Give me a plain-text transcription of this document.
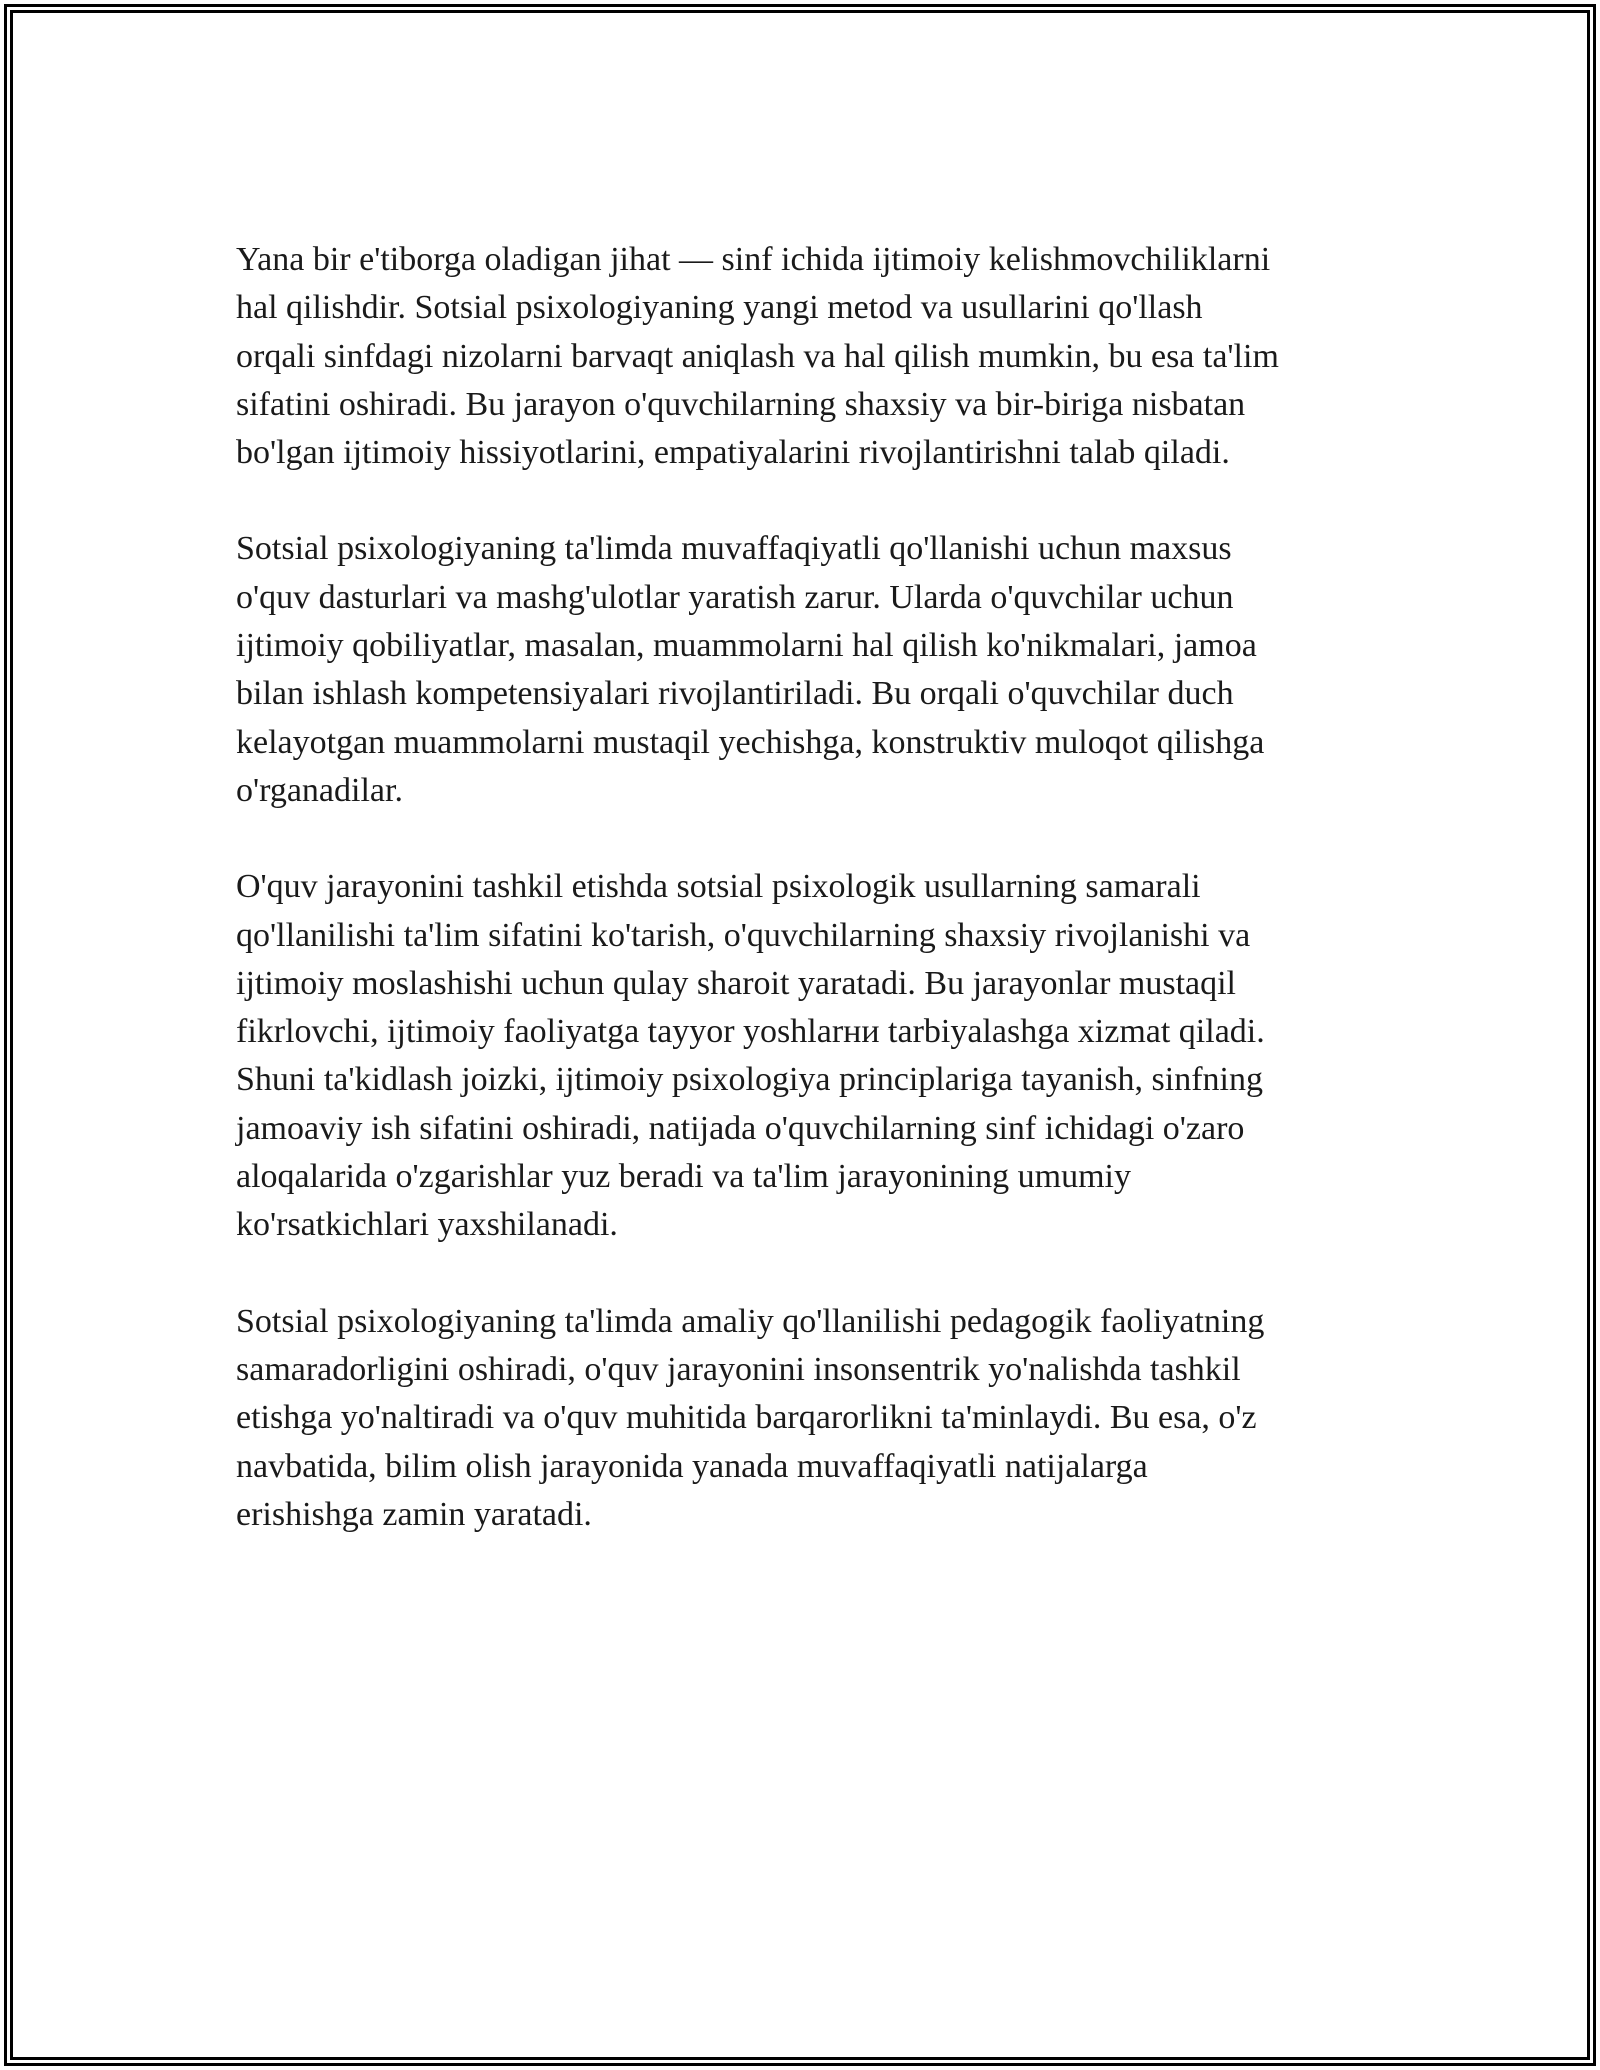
Yana bir e'tiborga oladigan jihat — sinf ichida ijtimoiy kelishmovchiliklarni
hal qilishdir. Sotsial psixologiyaning yangi metod va usullarini qo'llash
orqali sinfdagi nizolarni barvaqt aniqlash va hal qilish mumkin, bu esa ta'lim
sifatini oshiradi. Bu jarayon o'quvchilarning shaxsiy va bir-biriga nisbatan
bo'lgan ijtimoiy hissiyotlarini, empatiyalarini rivojlantirishni talab qiladi.

Sotsial psixologiyaning ta'limda muvaffaqiyatli qo'llanishi uchun maxsus
o'quv dasturlari va mashg'ulotlar yaratish zarur. Ularda o'quvchilar uchun
ijtimoiy qobiliyatlar, masalan, muammolarni hal qilish ko'nikmalari, jamoa
bilan ishlash kompetensiyalari rivojlantiriladi. Bu orqali o'quvchilar duch
kelayotgan muammolarni mustaqil yechishga, konstruktiv muloqot qilishga
o'rganadilar.

O'quv jarayonini tashkil etishda sotsial psixologik usullarning samarali
qo'llanilishi ta'lim sifatini ko'tarish, o'quvchilarning shaxsiy rivojlanishi va
ijtimoiy moslashishi uchun qulay sharoit yaratadi. Bu jarayonlar mustaqil
fikrlovchi, ijtimoiy faoliyatga tayyor yoshlarни tarbiyalashga xizmat qiladi.
Shuni ta'kidlash joizki, ijtimoiy psixologiya principlariga tayanish, sinfning
jamoaviy ish sifatini oshiradi, natijada o'quvchilarning sinf ichidagi o'zaro
aloqalarida o'zgarishlar yuz beradi va ta'lim jarayonining umumiy
ko'rsatkichlari yaxshilanadi.

Sotsial psixologiyaning ta'limda amaliy qo'llanilishi pedagogik faoliyatning
samaradorligini oshiradi, o'quv jarayonini insonsentrik yo'nalishda tashkil
etishga yo'naltiradi va o'quv muhitida barqarorlikni ta'minlaydi. Bu esa, o'z
navbatida, bilim olish jarayonida yanada muvaffaqiyatli natijalarga
erishishga zamin yaratadi.
